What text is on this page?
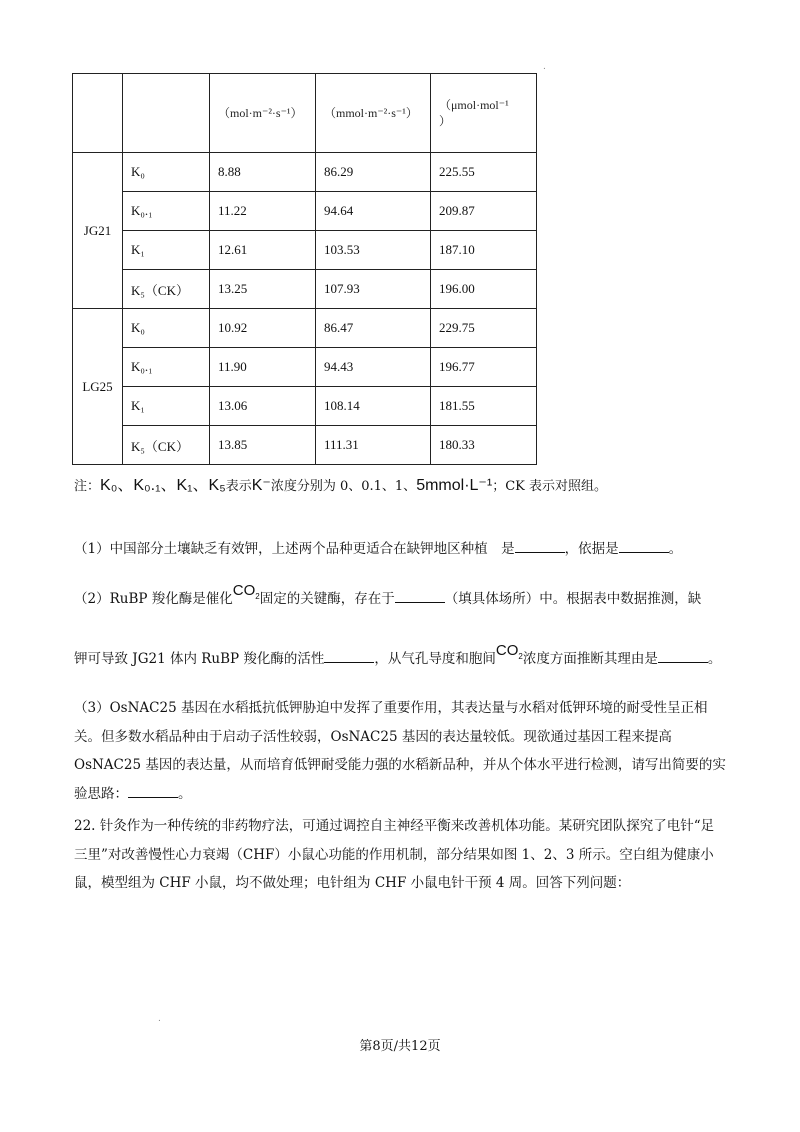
.
.
		（mol·m⁻²·s⁻¹）	（mmol·m⁻²·s⁻¹）	（μmol·mol⁻¹
）

JG21	K₀	8.88	86.29	225.55
	K₀.₁	11.22	94.64	209.87
	K₁	12.61	103.53	187.10
	K₅（CK）	13.25	107.93	196.00
LG25	K₀	10.92	86.47	229.75
	K₀.₁	11.90	94.43	196.77
	K₁	13.06	108.14	181.55
	K₅（CK）	13.85	111.31	180.33
注：K₀、K₀.₁、K₁、K₅表示K⁻浓度分别为 0、0.1、1、5mmol·L⁻¹；CK 表示对照组。
（1）中国部分土壤缺乏有效钾，上述两个品种更适合在缺钾地区种植　是	，依据是	。
（2）RuBP 羧化酶是催化$CO_2$固定的关键酶，存在于	（填具体场所）中。根据表中数据推测，缺
钾可导致 JG21 体内 RuBP 羧化酶的活性	，从气孔导度和胞间$CO_2$浓度方面推断其理由是	。
（3）OsNAC25 基因在水稻抵抗低钾胁迫中发挥了重要作用，其表达量与水稻对低钾环境的耐受性呈正相关。但多数水稻品种由于启动子活性较弱，OsNAC25 基因的表达量较低。现欲通过基因工程来提高 OsNAC25 基因的表达量，从而培育低钾耐受能力强的水稻新品种，并从个体水平进行检测，请写出简要的实验思路：	。
22. 针灸作为一种传统的非药物疗法，可通过调控自主神经平衡来改善机体功能。某研究团队探究了电针“足三里”对改善慢性心力衰竭（CHF）小鼠心功能的作用机制，部分结果如图 1、2、3 所示。空白组为健康小鼠，模型组为 CHF 小鼠，均不做处理；电针组为 CHF 小鼠电针干预 4 周。回答下列问题：
第8页/共12页
